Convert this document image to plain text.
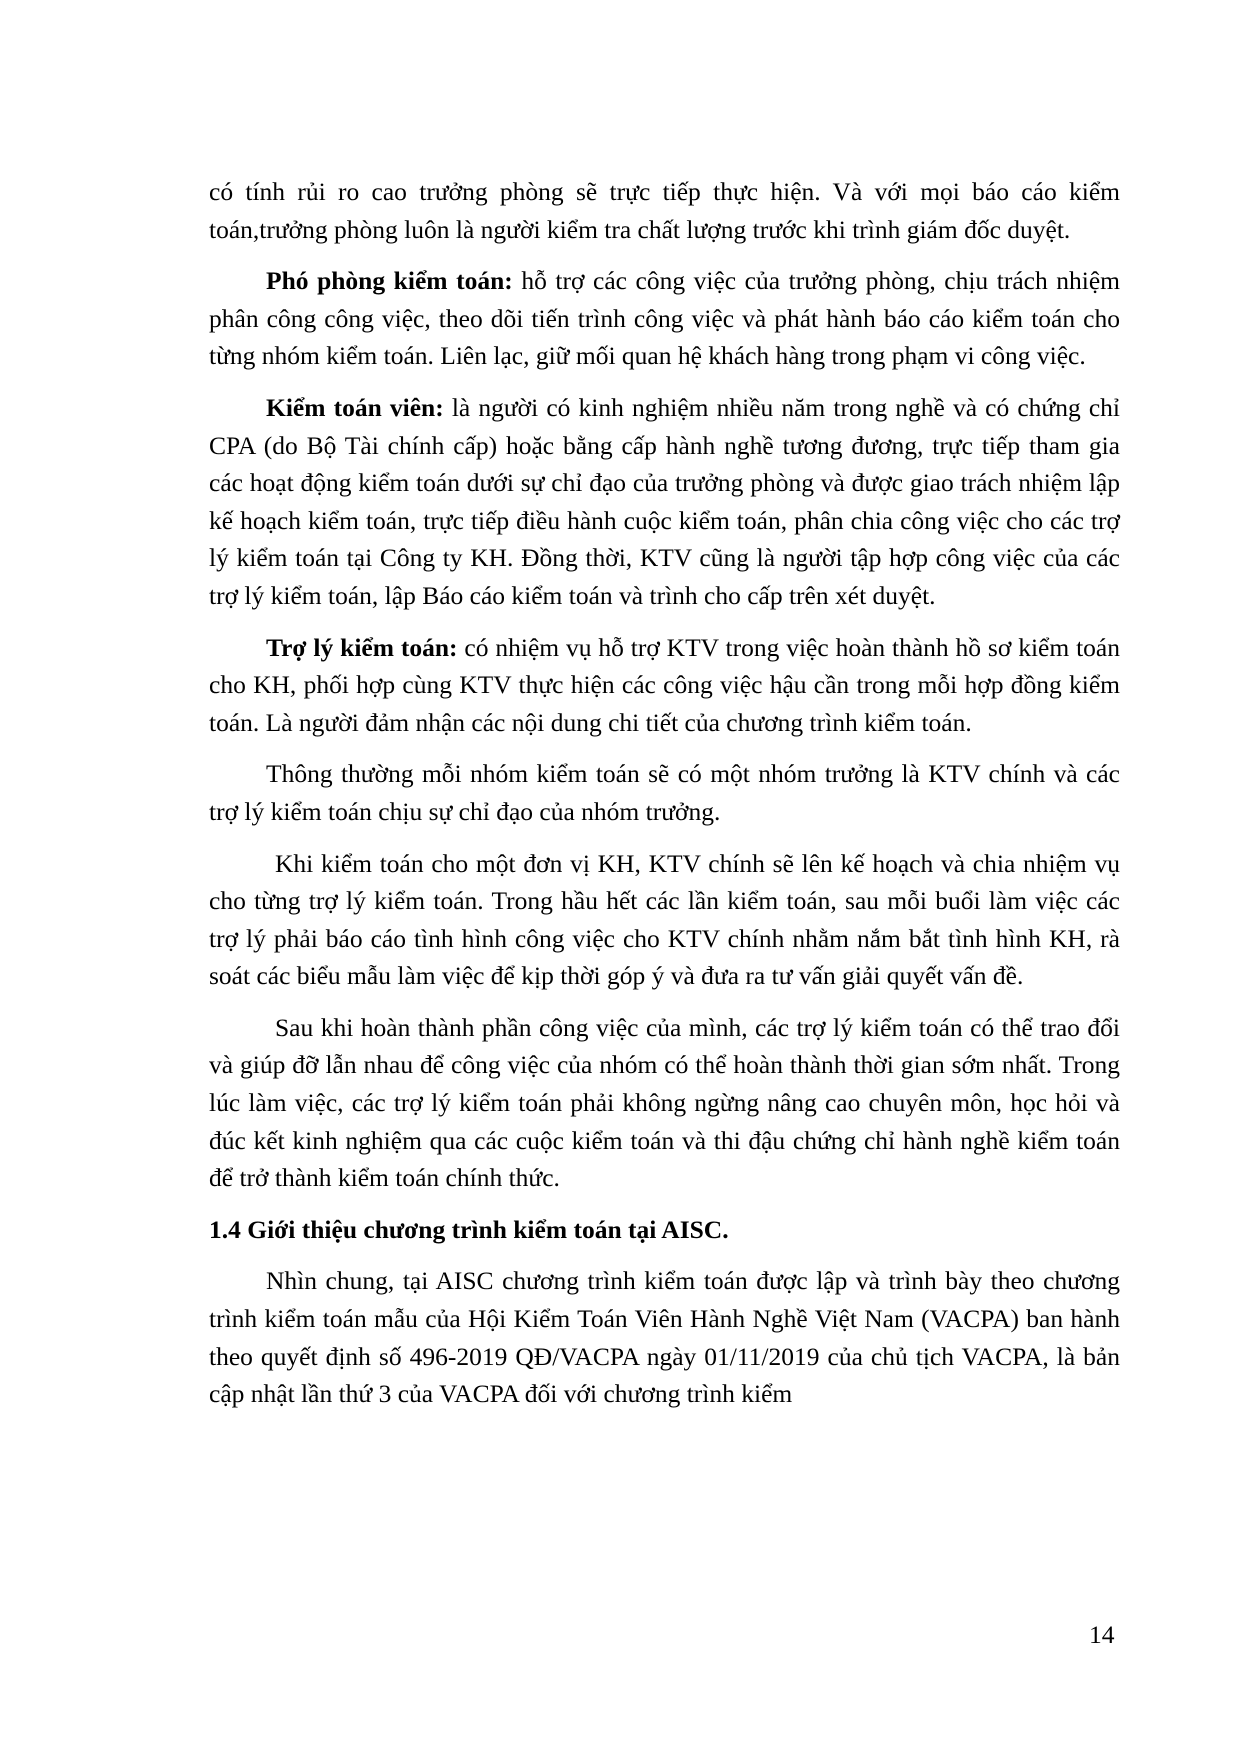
có tính rủi ro cao trưởng phòng sẽ trực tiếp thực hiện. Và với mọi báo cáo kiểm toán,trưởng phòng luôn là người kiểm tra chất lượng trước khi trình giám đốc duyệt.

Phó phòng kiểm toán: hỗ trợ các công việc của trưởng phòng, chịu trách nhiệm phân công công việc, theo dõi tiến trình công việc và phát hành báo cáo kiểm toán cho từng nhóm kiểm toán. Liên lạc, giữ mối quan hệ khách hàng trong phạm vi công việc.

Kiểm toán viên: là người có kinh nghiệm nhiều năm trong nghề và có chứng chỉ CPA (do Bộ Tài chính cấp) hoặc bằng cấp hành nghề tương đương, trực tiếp tham gia các hoạt động kiểm toán dưới sự chỉ đạo của trưởng phòng và được giao trách nhiệm lập kế hoạch kiểm toán, trực tiếp điều hành cuộc kiểm toán, phân chia công việc cho các trợ lý kiểm toán tại Công ty KH. Đồng thời, KTV cũng là người tập hợp công việc của các trợ lý kiểm toán, lập Báo cáo kiểm toán và trình cho cấp trên xét duyệt.

Trợ lý kiểm toán: có nhiệm vụ hỗ trợ KTV trong việc hoàn thành hồ sơ kiểm toán cho KH, phối hợp cùng KTV thực hiện các công việc hậu cần trong mỗi hợp đồng kiểm toán. Là người đảm nhận các nội dung chi tiết của chương trình kiểm toán.

Thông thường mỗi nhóm kiểm toán sẽ có một nhóm trưởng là KTV chính và các trợ lý kiểm toán chịu sự chỉ đạo của nhóm trưởng.

Khi kiểm toán cho một đơn vị KH, KTV chính sẽ lên kế hoạch và chia nhiệm vụ cho từng trợ lý kiểm toán. Trong hầu hết các lần kiểm toán, sau mỗi buổi làm việc các trợ lý phải báo cáo tình hình công việc cho KTV chính nhằm nắm bắt tình hình KH, rà soát các biểu mẫu làm việc để kịp thời góp ý và đưa ra tư vấn giải quyết vấn đề.

Sau khi hoàn thành phần công việc của mình, các trợ lý kiểm toán có thể trao đổi và giúp đỡ lẫn nhau để công việc của nhóm có thể hoàn thành thời gian sớm nhất. Trong lúc làm việc, các trợ lý kiểm toán phải không ngừng nâng cao chuyên môn, học hỏi và đúc kết kinh nghiệm qua các cuộc kiểm toán và thi đậu chứng chỉ hành nghề kiểm toán để trở thành kiểm toán chính thức.

1.4 Giới thiệu chương trình kiểm toán tại AISC.

Nhìn chung, tại AISC chương trình kiểm toán được lập và trình bày theo chương trình kiểm toán mẫu của Hội Kiểm Toán Viên Hành Nghề Việt Nam (VACPA) ban hành theo quyết định số 496-2019 QĐ/VACPA ngày 01/11/2019 của chủ tịch VACPA, là bản cập nhật lần thứ 3 của VACPA đối với chương trình kiểm

14
